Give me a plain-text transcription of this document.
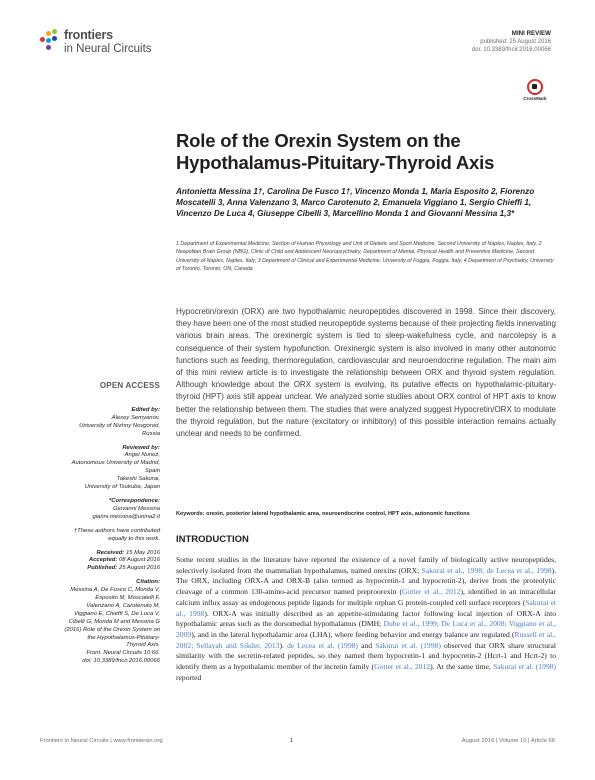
frontiers
in Neural Circuits
MINI REVIEW
published: 25 August 2016
doi: 10.3389/fncir.2016.00066
CrossMark
Role of the Orexin System on the Hypothalamus-Pituitary-Thyroid Axis
Antonietta Messina 1†, Carolina De Fusco 1†, Vincenzo Monda 1, Maria Esposito 2, Fiorenzo Moscatelli 3, Anna Valenzano 3, Marco Carotenuto 2, Emanuela Viggiano 1, Sergio Chieffi 1, Vincenzo De Luca 4, Giuseppe Cibelli 3, Marcellino Monda 1 and Giovanni Messina 1,3*
1 Department of Experimental Medicine, Section of Human Physiology and Unit of Dietetic and Sport Medicine, Second University of Naples, Naples, Italy, 2 Neapolitan Brain Group (NBG), Clinic of Child and Adolescent Neuropsychiatry, Department of Mental, Physical Health and Preventive Medicine, Second University of Naples, Naples, Italy, 3 Department of Clinical and Experimental Medicine, University of Foggia, Foggia, Italy, 4 Department of Psychiatry, University of Toronto, Toronto, ON, Canada

Hypocretin/orexin (ORX) are two hypothalamic neuropeptides discovered in 1998. Since their discovery, they have been one of the most studied neuropeptide systems because of their projecting fields innervating various brain areas. The orexinergic system is tied to sleep-wakefulness cycle, and narcolepsy is a consequence of their system hypofunction. Orexinergic system is also involved in many other autonomic functions such as feeding, thermoregulation, cardiovascular and neuroendocrine regulation. The main aim of this mini review article is to investigate the relationship between ORX and thyroid system regulation. Although knowledge about the ORX system is evolving, its putative effects on hypothalamic-pituitary-thyroid (HPT) axis still appear unclear. We analyzed some studies about ORX control of HPT axis to know better the relationship between them. The studies that were analyzed suggest Hypocretin/ORX to modulate the thyroid regulation, but the nature (excitatory or inhibitory) of this possible interaction remains actually unclear and needs to be confirmed.

Keywords: orexin, posterior lateral hypothalamic area, neuroendocrine control, HPT axis, autonomic functions
INTRODUCTION

Some recent studies in the literature have reported the existence of a novel family of biologically active neuropeptides, selectively isolated from the mammalian hypothalamus, named orexins (ORX; Sakurai et al., 1998; de Lecea et al., 1998). The ORX, including ORX-A and ORX-B (also termed as hypocretin-1 and hypocretin-2), derive from the proteolytic cleavage of a common 130-amino-acid precursor named preproorexin (Gotter et al., 2012), identified in an intracellular calcium influx assay as endogenous peptide ligands for multiple orphan G protein-coupled cell surface receptors (Sakurai et al., 1998). ORX-A was initially described as an appetite-stimulating factor following local injection of ORX-A into hypothalamic areas such as the dorsomedial hypothalamus (DMH; Dube et al., 1999; De Luca et al., 2008; Viggiano et al., 2009), and in the lateral hypothalamic area (LHA), where feeding behavior and energy balance are regulated (Russell et al., 2002; Sellayah and Sikder, 2013). de Lecea et al. (1998) and Sakurai et al. (1998) observed that ORX share structural similarity with the secretin-related peptides, so they named them hypocretin-1 and hypocretin-2 (Hcrt-1 and Hcrt-2) to identify them as a hypothalamic member of the incretin family (Gotter et al., 2012). At the same time, Sakurai et al. (1998) reported

OPEN ACCESS
Edited by:
Alexey Semyanov,
University of Nizhny Novgorod,
Russia
Reviewed by:
Angel Nunez,
Autonomous University of Madrid,
Spain
Takeshi Sakurai,
University of Tsukuba, Japan
*Correspondence:
Giovanni Messina
gianni.messina@unina2.it
†These authors have contributed
equally to this work.
Received: 15 May 2016
Accepted: 08 August 2016
Published: 25 August 2016
Citation:
Messina A, De Fusco C, Monda V,
Esposito M, Moscatelli F,
Valenzano A, Carotenuto M,
Viggiano E, Chieffi S, De Luca V,
Cibelli G, Monda M and Messina G
(2016) Role of the Orexin System on
the Hypothalamus-Pituitary-
Thyroid Axis.
Front. Neural Circuits 10:66.
doi: 10.3389/fncir.2016.00066
Frontiers in Neural Circuits | www.frontiersin.org	1	August 2016 | Volume 10 | Article 66
